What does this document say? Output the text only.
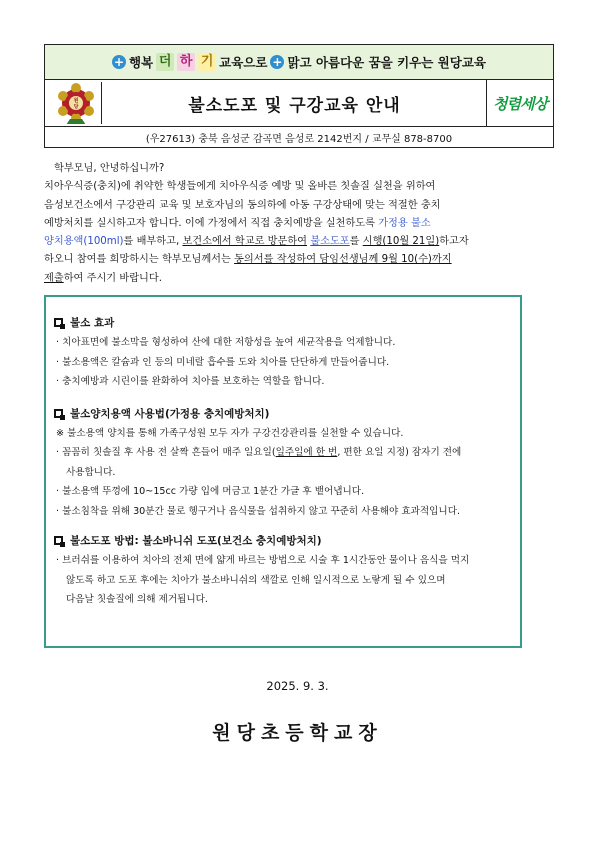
+ 행복 더 하 기 교육으로 + 맑고 아름다운 꿈을 키우는 원당교육
원
당	불소도포 및 구강교육 안내	청렴세상
(우27613) 충북 음성군 감곡면 음성로 2142번지 / 교무실 878-8700

학부모님, 안녕하십니까?

치아우식증(충치)에 취약한 학생들에게 치아우식증 예방 및 올바른 칫솔질 실천을 위하여

음성보건소에서 구강관리 교육 및 보호자님의 동의하에 아동 구강상태에 맞는 적절한 충치

예방처치를 실시하고자 합니다. 이에 가정에서 직접 충치예방을 실천하도록 가정용 불소

양치용액(100ml)를 배부하고, 보건소에서 학교로 방문하여 불소도포를 시행(10월 21일)하고자

하오니 참여를 희망하시는 학부모님께서는 동의서를 작성하여 담임선생님께 9월 10(수)까지

제출하여 주시기 바랍니다.

불소 효과

· 치아표면에 불소막을 형성하여 산에 대한 저항성을 높여 세균작용을 억제합니다.

· 불소용액은 칼슘과 인 등의 미네랄 흡수를 도와 치아를 단단하게 만들어줍니다.

· 충치예방과 시린이를 완화하여 치아를 보호하는 역할을 합니다.

불소양치용액 사용법(가정용 충치예방처치)

※ 불소용액 양치를 통해 가족구성원 모두 자가 구강건강관리를 실천할 수 있습니다.

· 꼼꼼히 칫솔질 후 사용 전 살짝 흔들어 매주 일요일(일주일에 한 번, 편한 요일 지정) 잠자기 전에

사용합니다.

· 불소용액 뚜껑에 10~15cc 가량 입에 머금고 1분간 가글 후 뱉어냅니다.

· 불소침착을 위해 30분간 물로 헹구거나 음식물을 섭취하지 않고 꾸준히 사용해야 효과적입니다.

불소도포 방법: 불소바니쉬 도포(보건소 충치예방처치)

· 브러쉬를 이용하여 치아의 전체 면에 얇게 바르는 방법으로 시술 후 1시간동안 물이나 음식을 먹지

않도록 하고 도포 후에는 치아가 불소바니쉬의 색깔로 인해 일시적으로 노랗게 될 수 있으며

다음날 칫솔질에 의해 제거됩니다.

2025. 9. 3.
원당초등학교장
